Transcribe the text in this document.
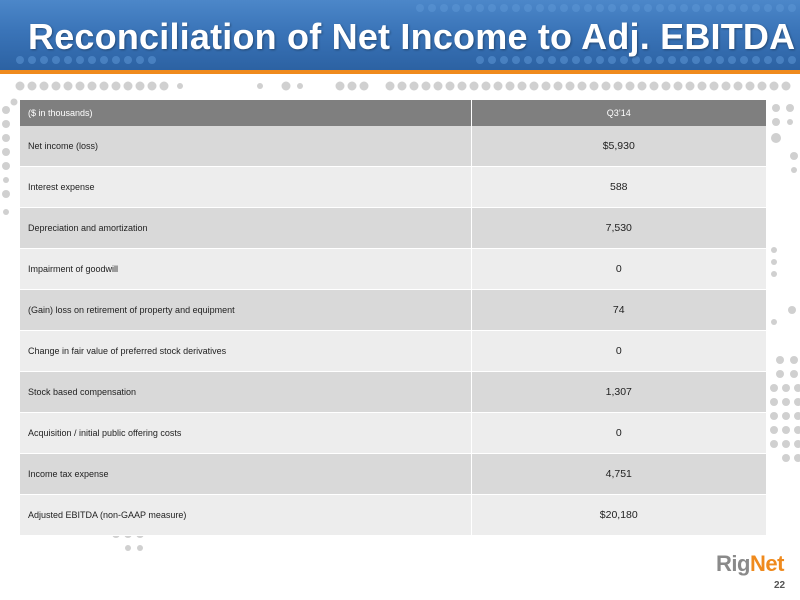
Reconciliation of Net Income to Adj. EBITDA
($ in thousands)	Q3’14
Net income (loss)	$5,930
Interest expense	588
Depreciation and amortization	7,530
Impairment of goodwill	0
(Gain) loss on retirement of property and equipment	74
Change in fair value of preferred stock derivatives	0
Stock based compensation	1,307
Acquisition / initial public offering costs	0
Income tax expense	4,751
Adjusted EBITDA (non-GAAP measure)	$20,180
RigNet
22
